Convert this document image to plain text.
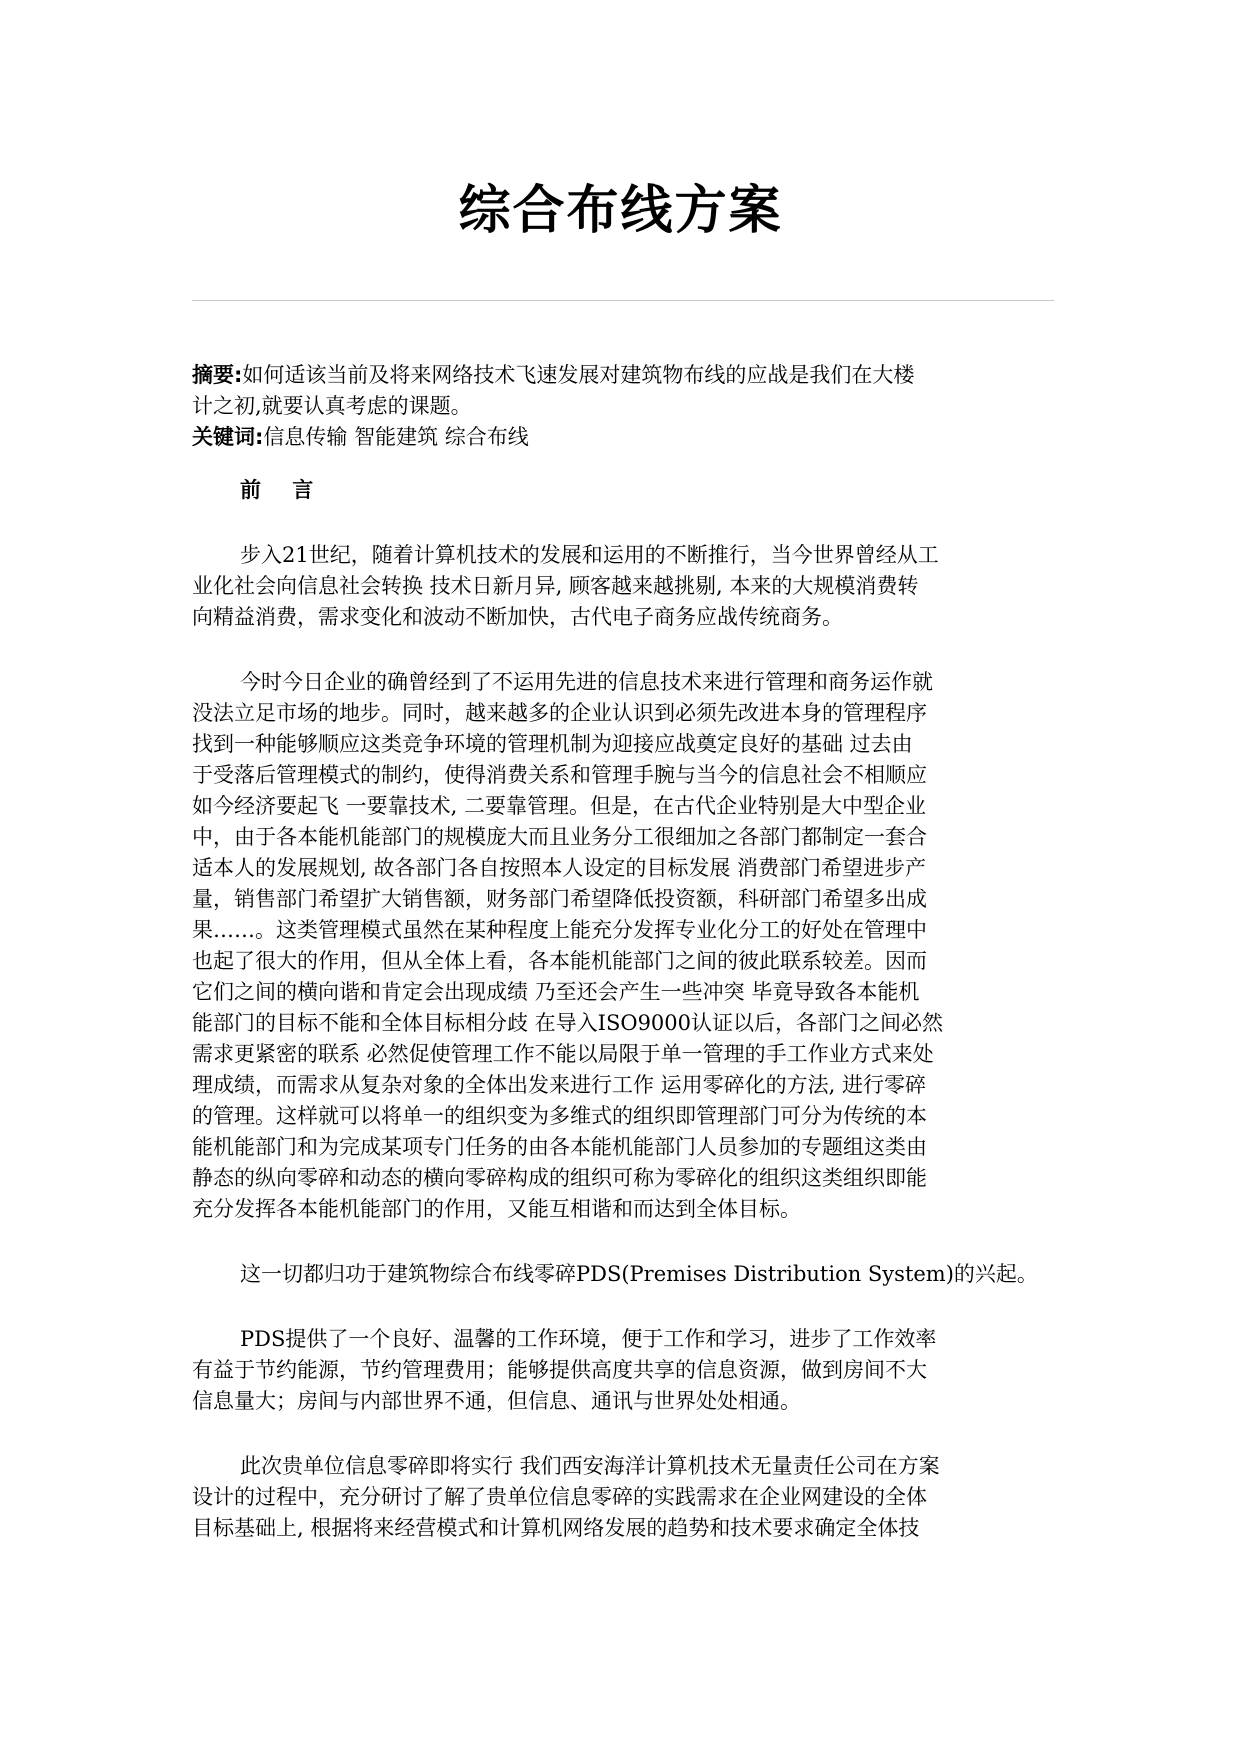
综合布线方案

摘要:如何适该当前及将来网络技术飞速发展对建筑物布线的应战是我们在大楼

计之初,就要认真考虑的课题。

关键词:信息传输 智能建筑 综合布线

前 言

步入21世纪，随着计算机技术的发展和运用的不断推行，当今世界曾经从工

业化社会向信息社会转换 技术日新月异, 顾客越来越挑剔, 本来的大规模消费转

向精益消费，需求变化和波动不断加快，古代电子商务应战传统商务。

今时今日企业的确曾经到了不运用先进的信息技术来进行管理和商务运作就

没法立足市场的地步。同时，越来越多的企业认识到必须先改进本身的管理程序

找到一种能够顺应这类竞争环境的管理机制为迎接应战奠定良好的基础 过去由

于受落后管理模式的制约，使得消费关系和管理手腕与当今的信息社会不相顺应

如今经济要起飞 一要靠技术, 二要靠管理。但是，在古代企业特别是大中型企业

中，由于各本能机能部门的规模庞大而且业务分工很细加之各部门都制定一套合

适本人的发展规划, 故各部门各自按照本人设定的目标发展 消费部门希望进步产

量，销售部门希望扩大销售额，财务部门希望降低投资额，科研部门希望多出成

果……。这类管理模式虽然在某种程度上能充分发挥专业化分工的好处在管理中

也起了很大的作用，但从全体上看，各本能机能部门之间的彼此联系较差。因而

它们之间的横向谐和肯定会出现成绩 乃至还会产生一些冲突 毕竟导致各本能机

能部门的目标不能和全体目标相分歧 在导入ISO9000认证以后，各部门之间必然

需求更紧密的联系 必然促使管理工作不能以局限于单一管理的手工作业方式来处

理成绩，而需求从复杂对象的全体出发来进行工作 运用零碎化的方法, 进行零碎

的管理。这样就可以将单一的组织变为多维式的组织即管理部门可分为传统的本

能机能部门和为完成某项专门任务的由各本能机能部门人员参加的专题组这类由

静态的纵向零碎和动态的横向零碎构成的组织可称为零碎化的组织这类组织即能

充分发挥各本能机能部门的作用，又能互相谐和而达到全体目标。

这一切都归功于建筑物综合布线零碎PDS(Premises Distribution System)的兴起。

PDS提供了一个良好、温馨的工作环境，便于工作和学习，进步了工作效率

有益于节约能源，节约管理费用；能够提供高度共享的信息资源，做到房间不大

信息量大；房间与内部世界不通，但信息、通讯与世界处处相通。

此次贵单位信息零碎即将实行 我们西安海洋计算机技术无量责任公司在方案

设计的过程中，充分研讨了解了贵单位信息零碎的实践需求在企业网建设的全体

目标基础上, 根据将来经营模式和计算机网络发展的趋势和技术要求确定全体技
